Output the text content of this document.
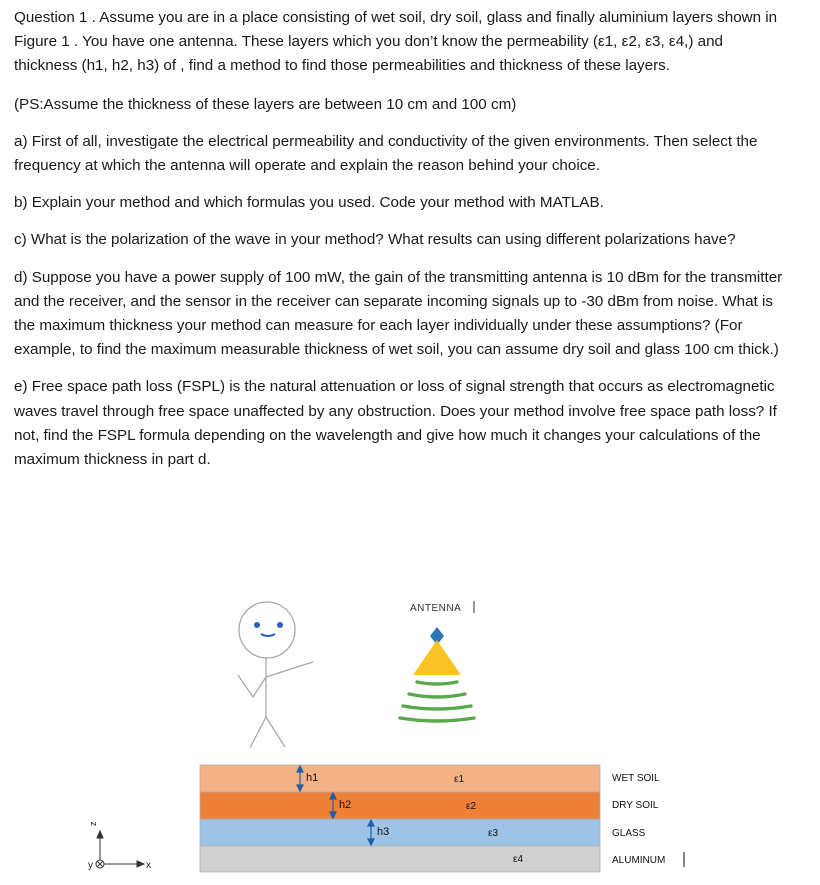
Question 1 . Assume you are in a place consisting of wet soil, dry soil, glass and finally aluminium layers shown in Figure 1 . You have one antenna. These layers which you don’t know the permeability (ε1, ε2, ε3, ε4,) and thickness (h1, h2, h3) of , find a method to find those permeabilities and thickness of these layers.

(PS:Assume the thickness of these layers are between 10 cm and 100 cm)

a) First of all, investigate the electrical permeability and conductivity of the given environments. Then select the frequency at which the antenna will operate and explain the reason behind your choice.

b) Explain your method and which formulas you used. Code your method with MATLAB.

c) What is the polarization of the wave in your method? What results can using different polarizations have?

d) Suppose you have a power supply of 100 mW, the gain of the transmitting antenna is 10 dBm for the transmitter and the receiver, and the sensor in the receiver can separate incoming signals up to -30 dBm from noise. What is the maximum thickness your method can measure for each layer individually under these assumptions? (For example, to find the maximum measurable thickness of wet soil, you can assume dry soil and glass 100 cm thick.)

e) Free space path loss (FSPL) is the natural attenuation or loss of signal strength that occurs as electromagnetic waves travel through free space unaffected by any obstruction. Does your method involve free space path loss? If not, find the FSPL formula depending on the wavelength and give how much it changes your calculations of the maximum thickness in part d.

ANTENNA
h1
h2
h3
ε1
ε2
ε3
ε4
WET SOIL
DRY SOIL
GLASS
ALUMINUM
y	x
z
